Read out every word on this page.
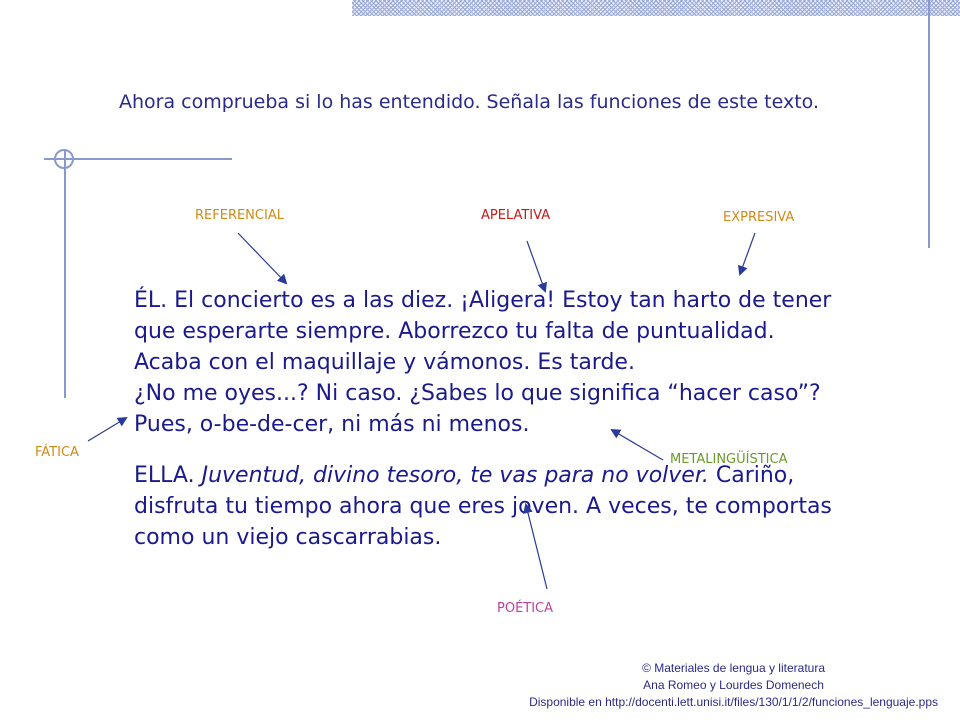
Ahora comprueba si lo has entendido. Señala las funciones de este texto.
REFERENCIAL	APELATIVA	EXPRESIVA
FÁTICA	METALINGÜÍSTICA
POÉTICA

ÉL. El concierto es a las diez. ¡Aligera! Estoy tan harto de tener

que esperarte siempre. Aborrezco tu falta de puntualidad.

Acaba con el maquillaje y vámonos. Es tarde.

¿No me oyes...? Ni caso. ¿Sabes lo que significa “hacer caso”?

Pues, o-be-de-cer, ni más ni menos.

ELLA. Juventud, divino tesoro, te vas para no volver. Cariño,

disfruta tu tiempo ahora que eres joven. A veces, te comportas

como un viejo cascarrabias.

© Materiales de lengua y literatura
Ana Romeo y Lourdes Domenech
Disponible en http://docenti.lett.unisi.it/files/130/1/1/2/funciones_lenguaje.pps
